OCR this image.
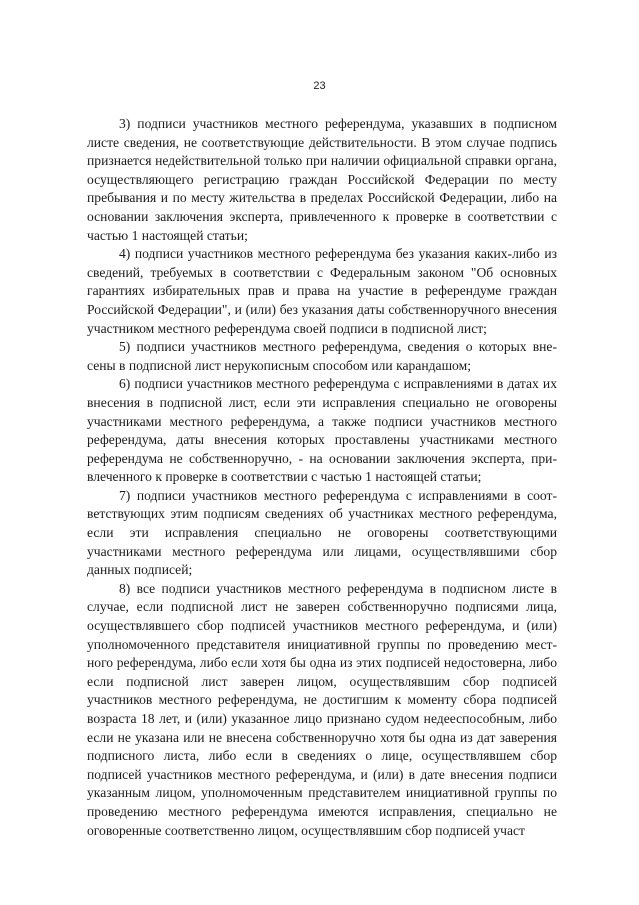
23

3) подписи участников местного референдума, указавших в подписном листе сведения, не соответствующие действительности. В этом случае подпись признается недействительной только при наличии официальной справки органа, осуществляющего регистрацию граждан Российской Федерации по месту пребывания и по месту жительства в пределах Российской Федерации, либо на основании заключения эксперта, привлеченного к проверке в соответствии с частью 1 настоящей статьи;

4) подписи участников местного референдума без указания каких-либо из сведений, требуемых в соответствии с Федеральным законом "Об основных гарантиях избирательных прав и права на участие в референдуме граждан Российской Федерации", и (или) без указания даты собственноручного внесения участником местного референдума своей подписи в подписной лист;

5) подписи участников местного референдума, сведения о которых внесены в подписной лист нерукописным способом или карандашом;

6) подписи участников местного референдума с исправлениями в датах их внесения в подписной лист, если эти исправления специально не оговорены участниками местного референдума, а также подписи участников местного референдума, даты внесения которых проставлены участниками местного референдума не собственноручно, - на основании заключения эксперта, привлеченного к проверке в соответствии с частью 1 настоящей статьи;

7) подписи участников местного референдума с исправлениями в соответствующих этим подписям сведениях об участниках местного референдума, если эти исправления специально не оговорены соответствующими участниками местного референдума или лицами, осуществлявшими сбор данных подписей;

8) все подписи участников местного референдума в подписном листе в случае, если подписной лист не заверен собственноручно подписями лица, осуществлявшего сбор подписей участников местного референдума, и (или) уполномоченного представителя инициативной группы по проведению местного референдума, либо если хотя бы одна из этих подписей недостоверна, либо если подписной лист заверен лицом, осуществлявшим сбор подписей участников местного референдума, не достигшим к моменту сбора подписей возраста 18 лет, и (или) указанное лицо признано судом недееспособным, либо если не указана или не внесена собственноручно хотя бы одна из дат заверения подписного листа, либо если в сведениях о лице, осуществлявшем сбор подписей участников местного референдума, и (или) в дате внесения подписи указанным лицом, уполномоченным представителем инициативной группы по проведению местного референдума имеются исправления, специально не оговоренные соответственно лицом, осуществлявшим сбор подписей участ
